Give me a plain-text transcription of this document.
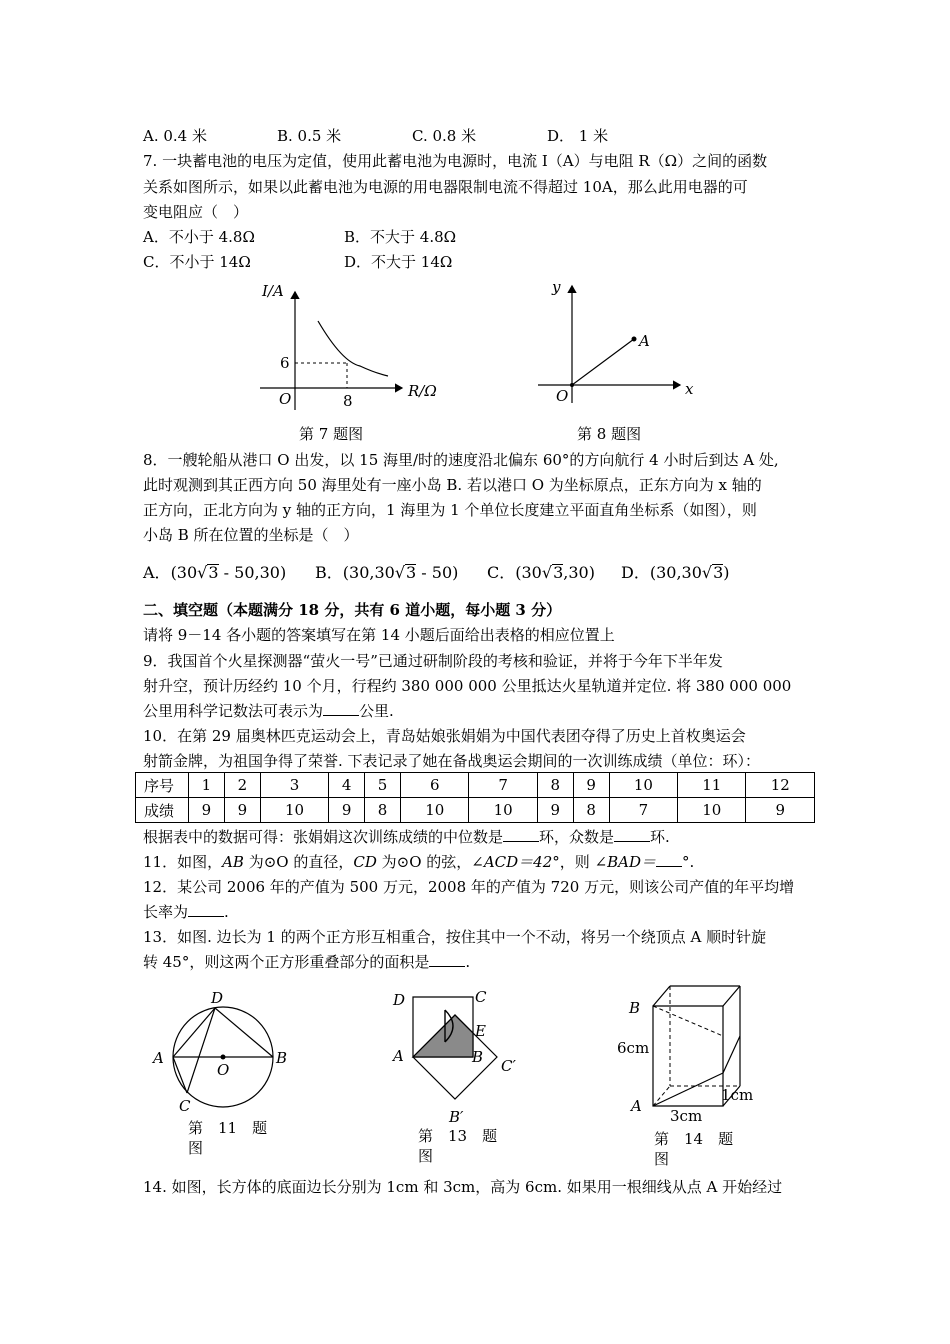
A. 0.4 米	B. 0.5 米	C. 0.8 米	D． 1 米
7. 一块蓄电池的电压为定值，使用此蓄电池为电源时，电流 I（A）与电阻 R（Ω）之间的函数
关系如图所示，如果以此蓄电池为电源的用电器限制电流不得超过 10A，那么此用电器的可
变电阻应（　）
A．不小于 4.8Ω	B．不大于 4.8Ω
C．不小于 14Ω	D．不大于 14Ω
I/A
R/Ω
O
6
8
第 7 题图
y
x
O
A
第 8 题图
8．一艘轮船从港口 O 出发，以 15 海里/时的速度沿北偏东 60°的方向航行 4 小时后到达 A 处,
此时观测到其正西方向 50 海里处有一座小岛 B. 若以港口 O 为坐标原点，正东方向为 x 轴的
正方向，正北方向为 y 轴的正方向，1 海里为 1 个单位长度建立平面直角坐标系（如图），则
小岛 B 所在位置的坐标是（　）
A．(30√3 - 50,30) B．(30,30√3 - 50) C．(30√3,30) D．(30,30√3)
二、填空题（本题满分 18 分，共有 6 道小题，每小题 3 分）
请将 9－14 各小题的答案填写在第 14 小题后面给出表格的相应位置上
9．我国首个火星探测器“萤火一号”已通过研制阶段的考核和验证，并将于今年下半年发
射升空，预计历经约 10 个月，行程约 380 000 000 公里抵达火星轨道并定位. 将 380 000 000
公里用科学记数法可表示为 公里.
10．在第 29 届奥林匹克运动会上，青岛姑娘张娟娟为中国代表团夺得了历史上首枚奥运会
射箭金牌，为祖国争得了荣誉. 下表记录了她在备战奥运会期间的一次训练成绩（单位：环）：
序号	1	2	3	4	5	6	7	8	9	10	11	12
成绩	9	9	10	9	8	10	10	9	8	7	10	9
根据表中的数据可得：张娟娟这次训练成绩的中位数是 环，众数是 环.
11．如图，AB 为⊙O 的直径，CD 为⊙O 的弦，∠ACD＝42°，则 ∠BAD＝ °.
12．某公司 2006 年的产值为 500 万元，2008 年的产值为 720 万元，则该公司产值的年平均增
长率为 .
13．如图. 边长为 1 的两个正方形互相重合，按住其中一个不动，将另一个绕顶点 A 顺时针旋
转 45°，则这两个正方形重叠部分的面积是 .
D
A
O
B
C
第　11　题
图
D	C
E
A	B C′
B′
第　13　题
图
B
6cm
A
3cm
1cm
第　14　题
图
14. 如图，长方体的底面边长分别为 1cm 和 3cm，高为 6cm. 如果用一根细线从点 A 开始经过
